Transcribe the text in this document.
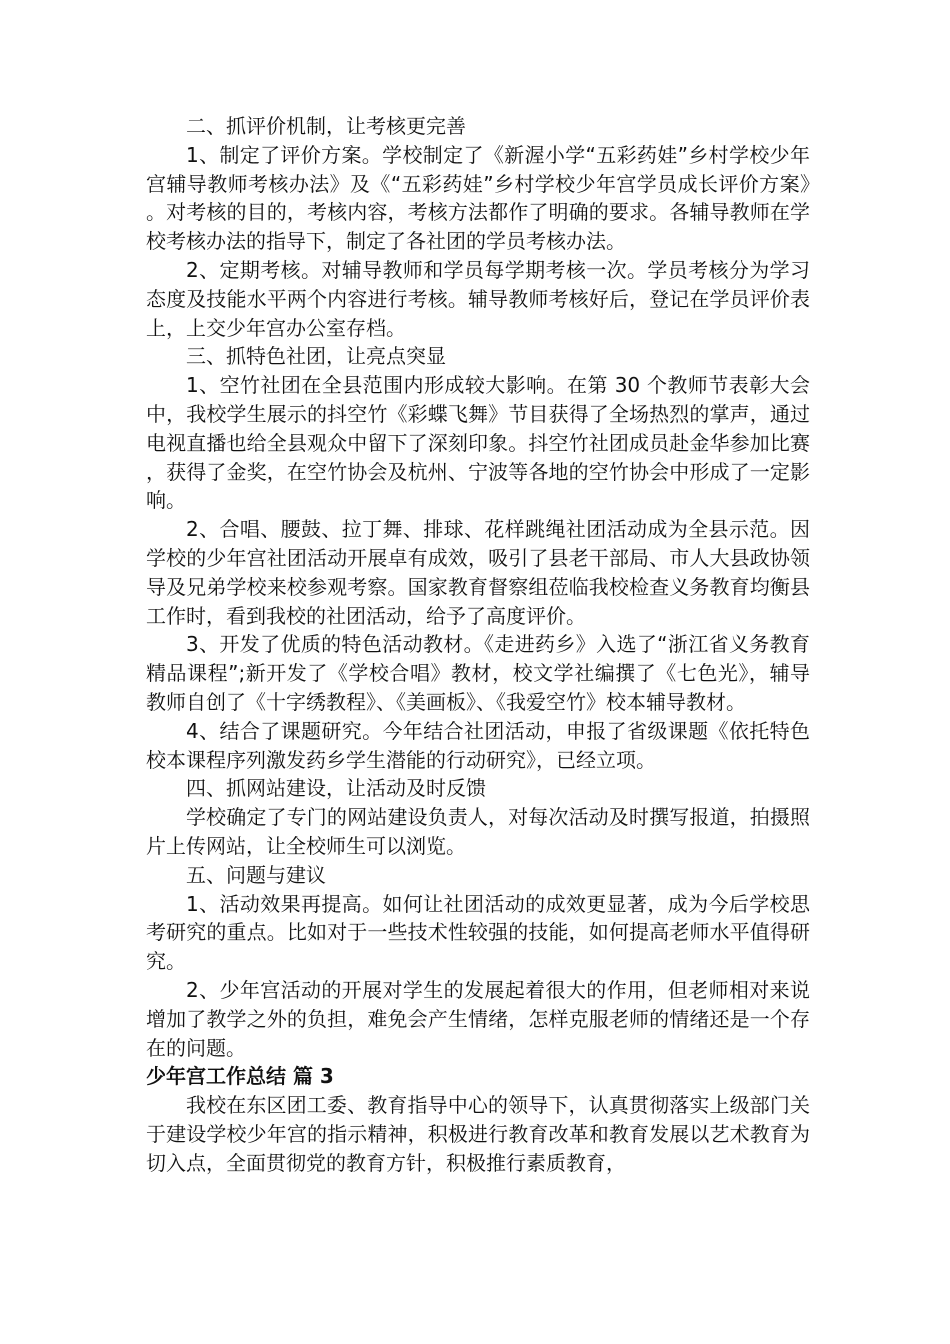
二、抓评价机制，让考核更完善

1、制定了评价方案。学校制定了《新渥小学“五彩药娃”乡村学校少年宫辅导教师考核办法》及《“五彩药娃”乡村学校少年宫学员成长评价方案》。对考核的目的，考核内容，考核方法都作了明确的要求。各辅导教师在学校考核办法的指导下，制定了各社团的学员考核办法。

2、定期考核。对辅导教师和学员每学期考核一次。学员考核分为学习态度及技能水平两个内容进行考核。辅导教师考核好后，登记在学员评价表上，上交少年宫办公室存档。

三、抓特色社团，让亮点突显

1、空竹社团在全县范围内形成较大影响。在第 30 个教师节表彰大会中，我校学生展示的抖空竹《彩蝶飞舞》节目获得了全场热烈的掌声，通过电视直播也给全县观众中留下了深刻印象。抖空竹社团成员赴金华参加比赛，获得了金奖，在空竹协会及杭州、宁波等各地的空竹协会中形成了一定影响。

2、合唱、腰鼓、拉丁舞、排球、花样跳绳社团活动成为全县示范。因学校的少年宫社团活动开展卓有成效，吸引了县老干部局、市人大县政协领导及兄弟学校来校参观考察。国家教育督察组莅临我校检查义务教育均衡县工作时，看到我校的社团活动，给予了高度评价。

3、开发了优质的特色活动教材。《走进药乡》入选了“浙江省义务教育精品课程”;新开发了《学校合唱》教材，校文学社编撰了《七色光》，辅导教师自创了《十字绣教程》、《美画板》、《我爱空竹》校本辅导教材。

4、结合了课题研究。今年结合社团活动，申报了省级课题《依托特色校本课程序列激发药乡学生潜能的行动研究》，已经立项。

四、抓网站建设，让活动及时反馈

学校确定了专门的网站建设负责人，对每次活动及时撰写报道，拍摄照片上传网站，让全校师生可以浏览。

五、问题与建议

1、活动效果再提高。如何让社团活动的成效更显著，成为今后学校思考研究的重点。比如对于一些技术性较强的技能，如何提高老师水平值得研究。

2、少年宫活动的开展对学生的发展起着很大的作用，但老师相对来说增加了教学之外的负担，难免会产生情绪，怎样克服老师的情绪还是一个存在的问题。

少年宫工作总结 篇 3

我校在东区团工委、教育指导中心的领导下，认真贯彻落实上级部门关于建设学校少年宫的指示精神，积极进行教育改革和教育发展以艺术教育为切入点，全面贯彻党的教育方针，积极推行素质教育，
